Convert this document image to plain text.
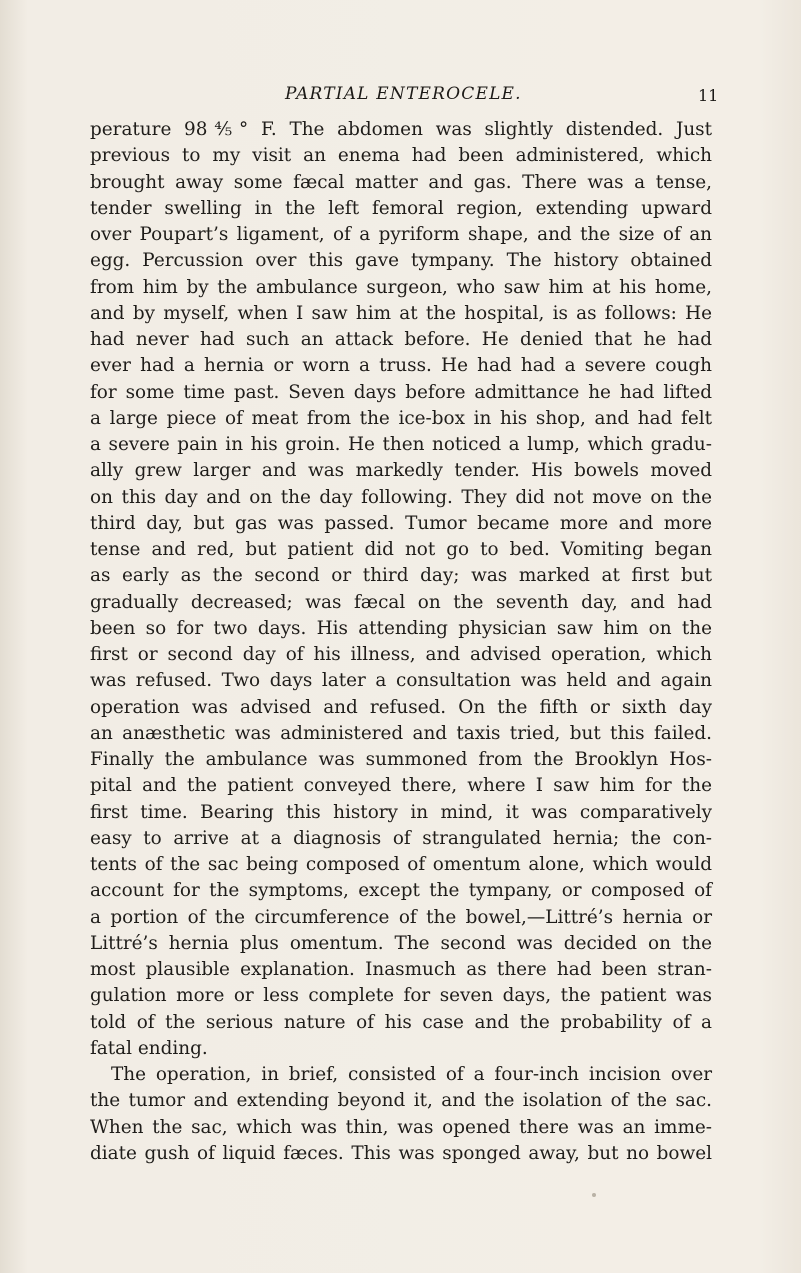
PARTIAL ENTEROCELE.	11
perature 98⅘° F. The abdomen was slightly distended. Just
previous to my visit an enema had been administered, which
brought away some fæcal matter and gas. There was a tense,
tender swelling in the left femoral region, extending upward
over Poupart’s ligament, of a pyriform shape, and the size of an
egg. Percussion over this gave tympany. The history obtained
from him by the ambulance surgeon, who saw him at his home,
and by myself, when I saw him at the hospital, is as follows: He
had never had such an attack before. He denied that he had
ever had a hernia or worn a truss. He had had a severe cough
for some time past. Seven days before admittance he had lifted
a large piece of meat from the ice-box in his shop, and had felt
a severe pain in his groin. He then noticed a lump, which gradu-
ally grew larger and was markedly tender. His bowels moved
on this day and on the day following. They did not move on the
third day, but gas was passed. Tumor became more and more
tense and red, but patient did not go to bed. Vomiting began
as early as the second or third day; was marked at first but
gradually decreased; was fæcal on the seventh day, and had
been so for two days. His attending physician saw him on the
first or second day of his illness, and advised operation, which
was refused. Two days later a consultation was held and again
operation was advised and refused. On the fifth or sixth day
an anæsthetic was administered and taxis tried, but this failed.
Finally the ambulance was summoned from the Brooklyn Hos-
pital and the patient conveyed there, where I saw him for the
first time. Bearing this history in mind, it was comparatively
easy to arrive at a diagnosis of strangulated hernia; the con-
tents of the sac being composed of omentum alone, which would
account for the symptoms, except the tympany, or composed of
a portion of the circumference of the bowel,—Littré’s hernia or
Littré’s hernia plus omentum. The second was decided on the
most plausible explanation. Inasmuch as there had been stran-
gulation more or less complete for seven days, the patient was
told of the serious nature of his case and the probability of a
fatal ending.
The operation, in brief, consisted of a four-inch incision over
the tumor and extending beyond it, and the isolation of the sac.
When the sac, which was thin, was opened there was an imme-
diate gush of liquid fæces. This was sponged away, but no bowel
